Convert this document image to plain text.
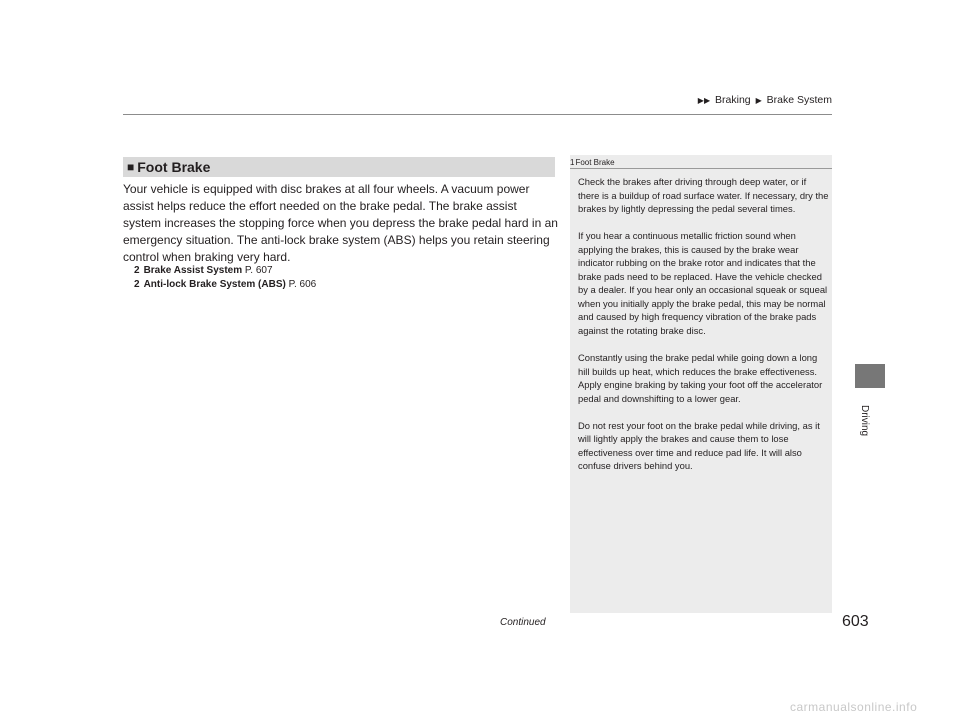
▶▶ Braking ▶ Brake System
Driving
■ Foot Brake
Your vehicle is equipped with disc brakes at all four wheels. A vacuum power assist helps reduce the effort needed on the brake pedal. The brake assist system increases the stopping force when you depress the brake pedal hard in an emergency situation. The anti-lock brake system (ABS) helps you retain steering control when braking very hard.
2 Brake Assist System P. 607
2 Anti-lock Brake System (ABS) P. 606
1Foot Brake

Check the brakes after driving through deep water, or if there is a buildup of road surface water. If necessary, dry the brakes by lightly depressing the pedal several times.

If you hear a continuous metallic friction sound when applying the brakes, this is caused by the brake wear indicator rubbing on the brake rotor and indicates that the brake pads need to be replaced. Have the vehicle checked by a dealer. If you hear only an occasional squeak or squeal when you initially apply the brake pedal, this may be normal and caused by high frequency vibration of the brake pads against the rotating brake disc.

Constantly using the brake pedal while going down a long hill builds up heat, which reduces the brake effectiveness. Apply engine braking by taking your foot off the accelerator pedal and downshifting to a lower gear.

Do not rest your foot on the brake pedal while driving, as it will lightly apply the brakes and cause them to lose effectiveness over time and reduce pad life. It will also confuse drivers behind you.

Continued	603
carmanualsonline.info
